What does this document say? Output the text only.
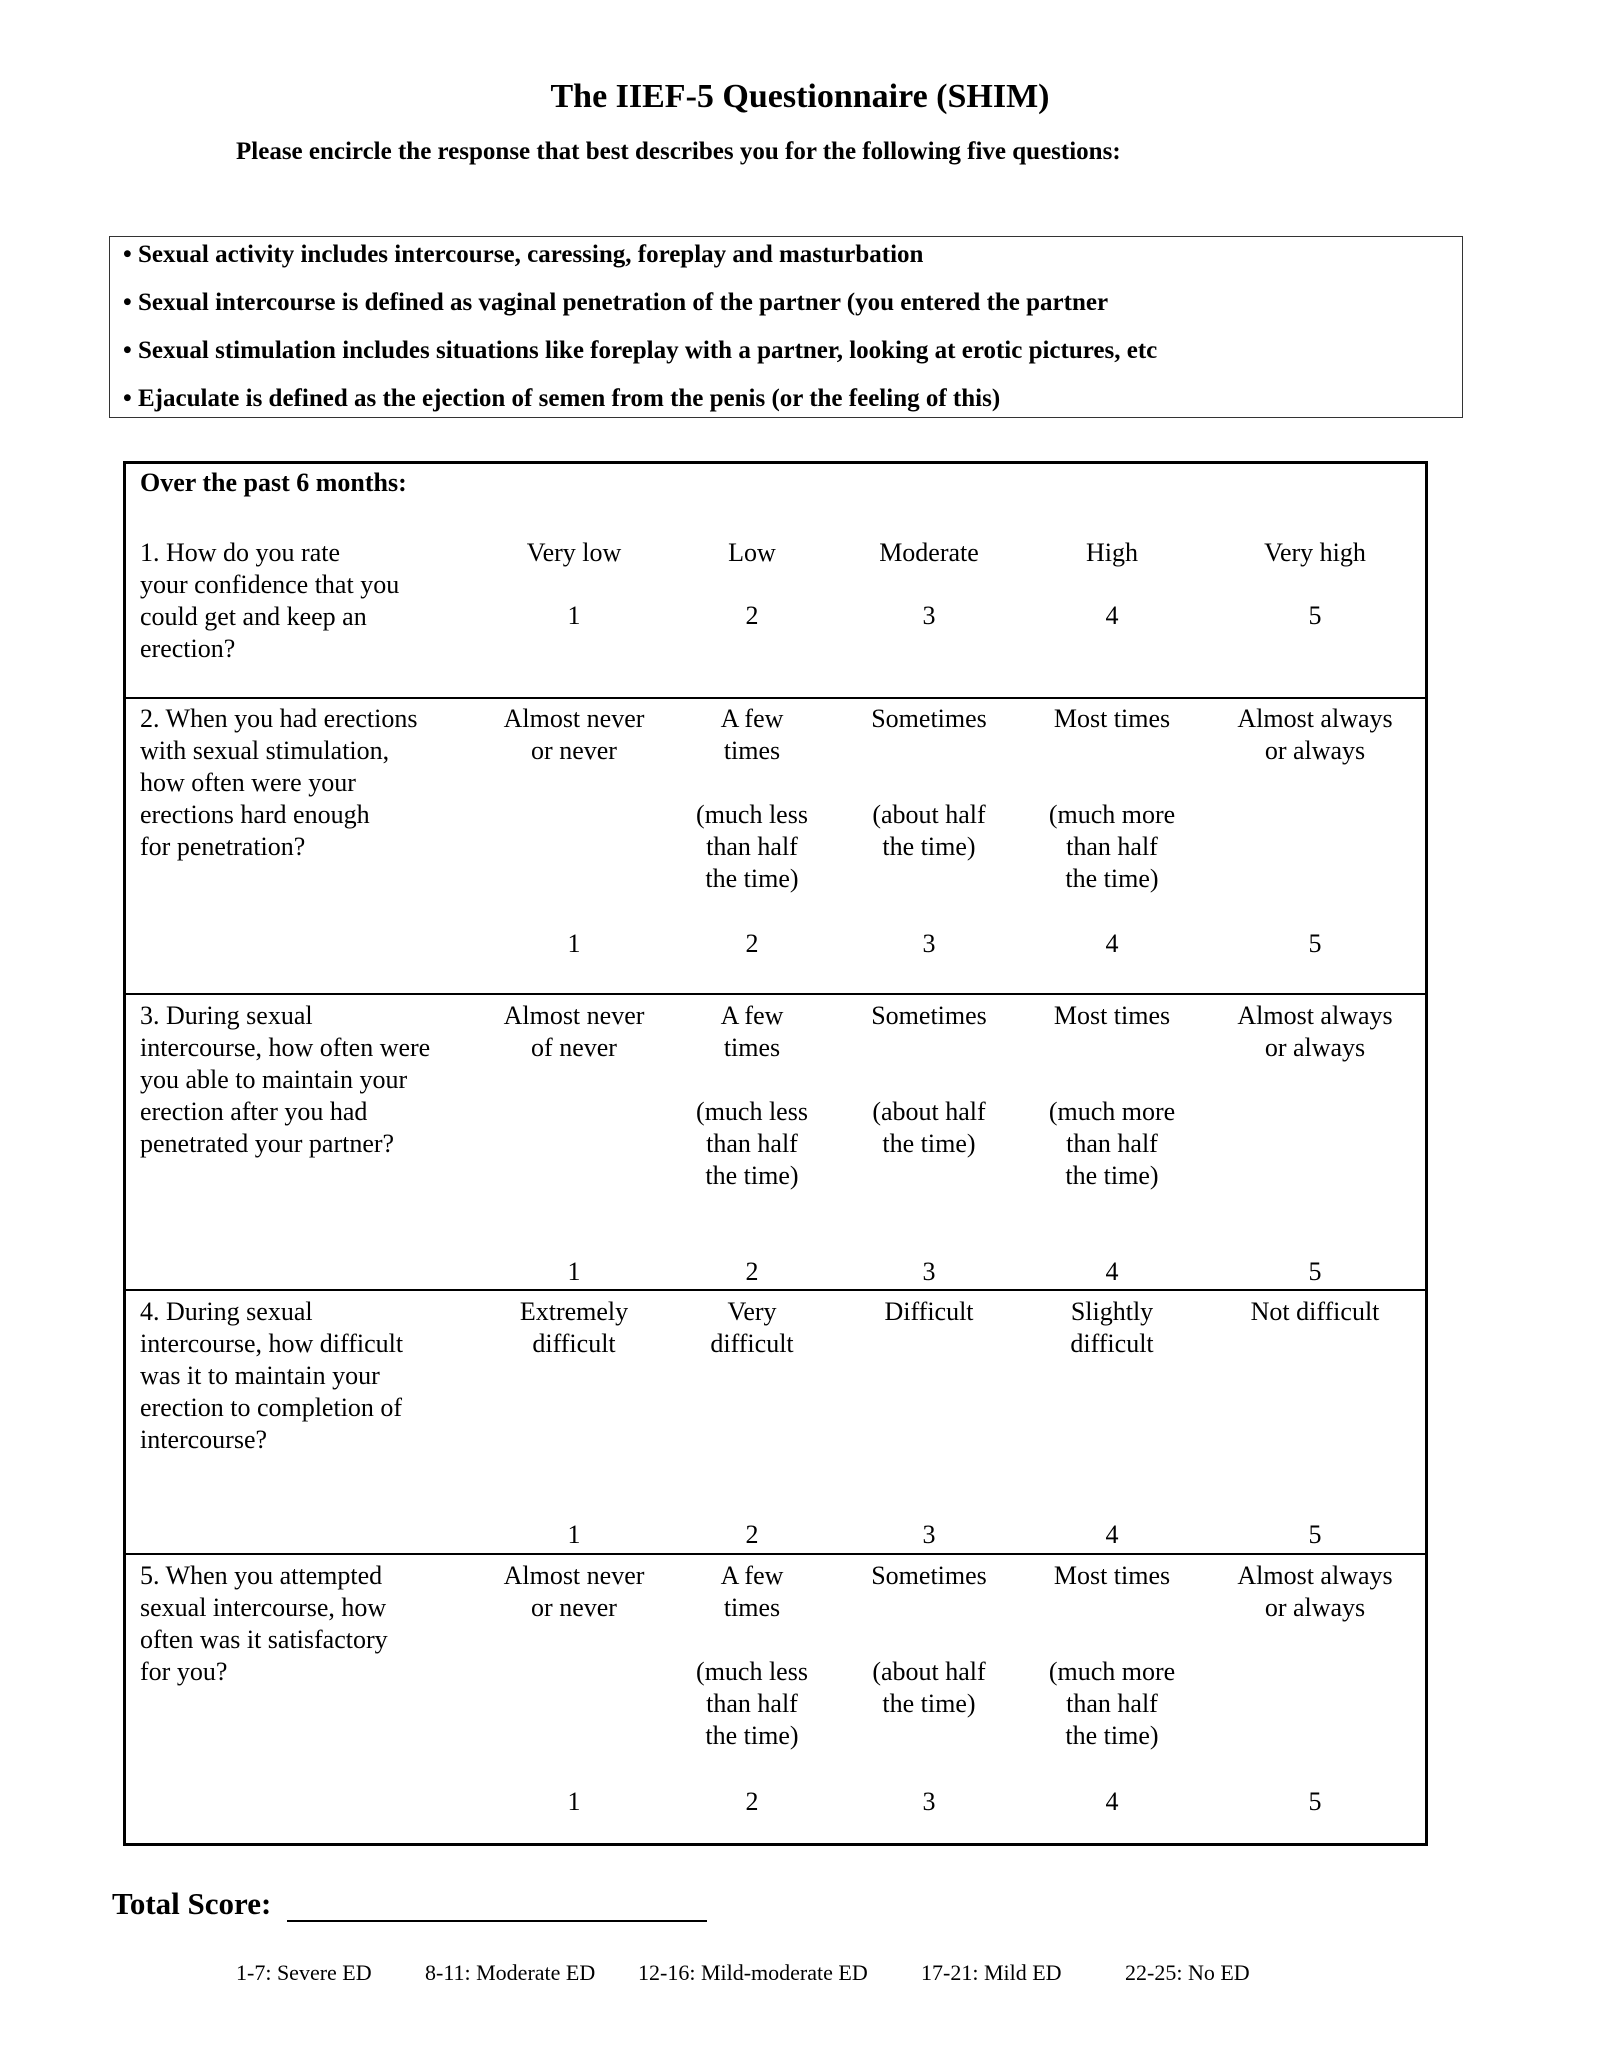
The IIEF-5 Questionnaire (SHIM)
Please encircle the response that best describes you for the following five questions:
• Sexual activity includes intercourse, caressing, foreplay and masturbation
• Sexual intercourse is defined as vaginal penetration of the partner (you entered the partner
• Sexual stimulation includes situations like foreplay with a partner, looking at erotic pictures, etc
• Ejaculate is defined as the ejection of semen from the penis (or the feeling of this)
Over the past 6 months:
1. How do you rate
your confidence that you
could get and keep an
erection?
Very low
1
Low
2
Moderate
3
High
4
Very high
5
2. When you had erections
with sexual stimulation,
how often were your
erections hard enough
for penetration?
Almost never
or never
1
A few
times
(much less
than half
the time)
2
Sometimes
(about half
the time)
3
Most times
(much more
than half
the time)
4
Almost always
or always
5
3. During sexual
intercourse, how often were
you able to maintain your
erection after you had
penetrated your partner?
Almost never
of never
1
A few
times
(much less
than half
the time)
2
Sometimes
(about half
the time)
3
Most times
(much more
than half
the time)
4
Almost always
or always
5
4. During sexual
intercourse, how difficult
was it to maintain your
erection to completion of
intercourse?
Extremely
difficult
1
Very
difficult
2
Difficult
3
Slightly
difficult
4
Not difficult
5
5. When you attempted
sexual intercourse, how
often was it satisfactory
for you?
Almost never
or never
1
A few
times
(much less
than half
the time)
2
Sometimes
(about half
the time)
3
Most times
(much more
than half
the time)
4
Almost always
or always
5
Total Score:
1-7: Severe ED 8-11: Moderate ED 12-16: Mild-moderate ED 17-21: Mild ED	22-25: No ED
